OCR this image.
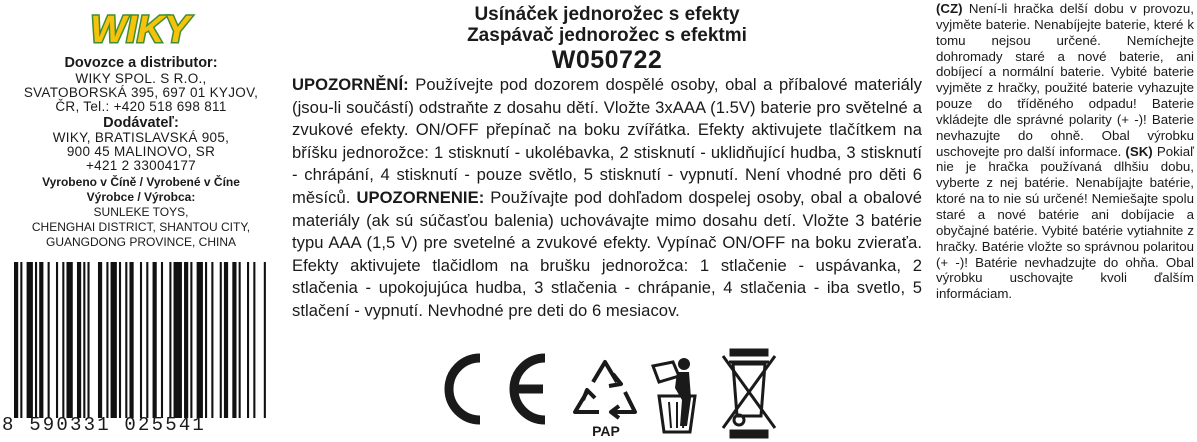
WIKY
Dovozce a distributor:
WIKY SPOL. S R.O.,
SVATOBORSKÁ 395, 697 01 KYJOV,
ČR, Tel.: +420 518 698 811
Dodávateľ:
WIKY, BRATISLAVSKÁ 905,
900 45 MALINOVO, SR
+421 2 33004177
Vyrobeno v Číně / Vyrobené v Číne
Výrobce / Výrobca:
SUNLEKE TOYS,
CHENGHAI DISTRICT, SHANTOU CITY,
GUANGDONG PROVINCE, CHINA
8 590331 025541
Usínáček jednorožec s efekty
Zaspávač jednorožec s efektmi
W050722
UPOZORNĚNÍ: Používejte pod dozorem dospělé osoby, obal a příbalové materiály (jsou-li součástí) odstraňte z dosahu dětí. Vložte 3xAAA (1.5V) baterie pro světelné a zvukové efekty. ON/OFF přepínač na boku zvířátka. Efekty aktivujete tlačítkem na bříšku jednorožce: 1 stisknutí - ukolébavka, 2 stisknutí - uklidňující hudba, 3 stisknutí - chrápání, 4 stisknutí - pouze světlo, 5 stisknutí - vypnutí. Není vhodné pro děti 6 měsíců. UPOZORNENIE: Používajte pod dohľadom dospelej osoby, obal a obalové materiály (ak sú súčasťou balenia) uchovávajte mimo dosahu detí. Vložte 3 batérie typu AAA (1,5 V) pre svetelné a zvukové efekty. Vypínač ON/OFF na boku zvieraťa. Efekty aktivujete tlačidlom na brušku jednorožca: 1 stlačenie - uspávanka, 2 stlačenia - upokojujúca hudba, 3 stlačenia - chrápanie, 4 stlačenia - iba svetlo, 5 stlačení - vypnutí. Nevhodné pre deti do 6 mesiacov.
PAP
(CZ) Není-li hračka delší dobu v provozu, vyjměte baterie. Nenabíjejte baterie, které k tomu nejsou určené. Nemíchejte dohromady staré a nové baterie, ani dobíjecí a normální baterie. Vybité baterie vyjměte z hračky, použité baterie vyhazujte pouze do tříděného odpadu! Baterie vkládejte dle správné polarity (+ -)! Baterie nevhazujte do ohně. Obal výrobku uschovejte pro další informace. (SK) Pokiaľ nie je hračka používaná dlhšiu dobu, vyberte z nej batérie. Nenabíjajte batérie, ktoré na to nie sú určené! Nemiešajte spolu staré a nové batérie ani dobíjacie a obyčajné batérie. Vybité batérie vytiahnite z hračky. Batérie vložte so správnou polaritou (+ -)! Batérie nevhadzujte do ohňa. Obal výrobku uschovajte kvoli ďalším informáciam.
